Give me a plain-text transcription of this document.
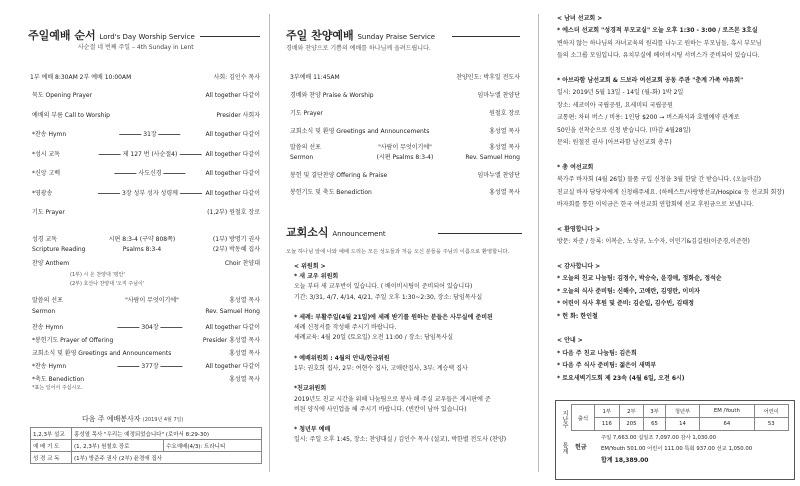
주일예배 순서 Lord's Day Worship Service
사순절 네 번째 주일 – 4th Sunday in Lent
1부 예배 8:30AM 2부 예배 10:00AM	사회: 김인수 목사
묵도 Opening Prayer	All together 다같이
예배의 부름 Call to Worship	Presider 사회자
*찬송 Hymn	31장	All together 다같이
*성시 교독	제 127 번 (사순절4)	All together 다같이
*신앙 고백	사도신경	All together 다같이
*영광송	3장 성부 성자 성령께	All together 다같이
기도 Prayer	(1,2부) 원철호 장로
성경 교독	시편 8:3-4 (구약 808쪽)	(1부) 방명기 권사
Scripture Reading	Psalms 8:3-4	(2부) 박동혜 집사
찬양 Anthem	Choir 찬양대
(1부) 시 온 찬양대 '평안'
(2부) 호산나 찬양대 '오직 주님이'
말씀의 선포	"사람이 무엇이기에"	홍성열 목사
Sermon	Rev. Samuel Hong
찬송 Hymn	304장	All together 다같이
*봉헌기도 Prayer of Offering	Presider 홍성열 목사
교회소식 및 환영 Greetings and Announcements	홍성열 목사
*찬송 Hymn	377장	All together 다같이
*축도 Benediction	홍성열 목사
*표는 일어서 주십시오.
다음 주 예배봉사자 (2019년 4월 7일)
1,2,3부 설교	홍성열 목사 "우리는 예정되었습니다" (로마서 8:29-30)	
예 배 기 도	(1, 2,3부) 원철호 장로	수요예배(4/3): 트라니티
성 경 교 독	(1부) 방준주 권사 (2부) 윤경애 집사	
주일 찬양예배 Sunday Praise Service
경배와 찬양으로 기쁨의 예배를 하나님께 올려드립니다.
3부예배 11:45AM	찬양인도: 박후일 전도사
경배와 찬양 Praise & Worship	임마누엘 찬양단
기도 Prayer	원철호 장로
교회소식 및 환영 Greetings and Announcements	홍성열 목사
말씀의 선포	"사람이 무엇이기에"	홍성열 목사
Sermon	(시편 Psalms 8:3-4)	Rev. Samuel Hong
봉헌 및 결단찬양 Offering & Praise	임마누엘 찬양단
봉헌기도 및 축도 Benediction	홍성열 목사
교회소식 Announcement
오늘 하나님 앞에 나와 예배 드리는 모든 성도들과 처음 오신 분들을 주님의 이름으로 환영합니다.
< 위원회 >
* 새 교우 위원회
오늘 부터 새 교우반이 있습니다. ( 베이비시팅이 준비되어 있습니다)
기간: 3/31, 4/7, 4/14, 4/21, 주일 오후 1:30~2:30, 장소: 담임목사실
* 세례: 부활주일(4월 21일)에 세례 받기를 원하는 분들은 사무실에 준비된
세례 신청서를 작성해 주시기 바랍니다.
세례교육: 4월 20일 (토요일) 오전 11:00 / 장소: 담임목사실
* 예배위원회 : 4월의 안내/헌금위원
1부: 권호희 집사, 2부: 여현수 집사, 고애란집사, 3부: 계승택 집사
*친교위원회
2019년도 친교 시간을 위해 나눔팀으로 봉사 해 주실 교우들은 게시판에 준
비된 양식에 사인업을 해 주시기 바랍니다. (빈칸이 남아 있습니다)
* 청년부 예배
일시: 주일 오후 1:45, 장소: 찬양대실 / 김인수 목사 (설교), 박한별 전도사 (찬양)
< 남녀 선교회 >
* 에스더 선교회 "성경적 부모교실" 오늘 오후 1:30 - 3:00 / 로즈몬 3호실
변하지 않는 하나님의 자녀교육의 원리를 나누고 원하는 부모님들, 혹시 부모님
들의 소그룹 모임입니다. 유치부실에 베이비시팅 서비스가 준비되어 있습니다.
* 아브라함 남선교회 & 드보라 여선교회 공동 주관 "춘계 가족 야유회"
일시: 2019년 5월 13일 - 14일 (월-화) 1박 2일
장소: 세코이아 국립공원, 요세미티 국립공원
교통편: 차터 버스 / 비용: 1인당 $200 → 버스좌석과 호텔예약 관계로
50인을 선착순으로 신청 받습니다. (마감 4월28일)
문의: 원철진 권사 (아브라함 남선교회 총무)
* 총 여선교회
북가주 바자회 (4월 26일) 물품 구입 신청을 3월 한달 간 받습니다. (오늘마감)
친교실 바자 담당자에게 신청해주세요. (하베스트/사랑방선교/Hospice 등 선교회 회장)
바자회를 통한 이익금은 한국 여선교회 연합회에 선교 후원금으로 보냅니다.
< 환영합니다 >
방문: 차준 / 등록: 이복순, 노성규, 노수자, 이민기&김길원(이준경,이준현)
< 감사합니다 >
* 오늘의 친교 나눔팀: 김정수, 박승숙, 윤경애, 정화순, 정석순
* 오늘의 식사 준비팀: 신해수, 고애란, 김영란, 이미자
* 어린이 식사 후원 및 준비: 김순일, 김수빈, 김태정
* 헌 화: 한인철
< 안내 >
* 다음 주 친교 나눔팀: 김은희
* 다음 주 식사 준비팀: 젊은이 새멱부
* 토요새벽기도회 제 23속 (4월 6일, 오전 6시)
지난주
통계
출석	1부	2부	3부	청년부	EM /Youth	어린이
	116	205	65	14	64	53
헌금
주일 7,663.00 십일조 7,097.00 감사 1,030.00
EM/Youth 501.00 어린이 111.00 특회 937.00 선교 1,050.00
합계 18,389.00
